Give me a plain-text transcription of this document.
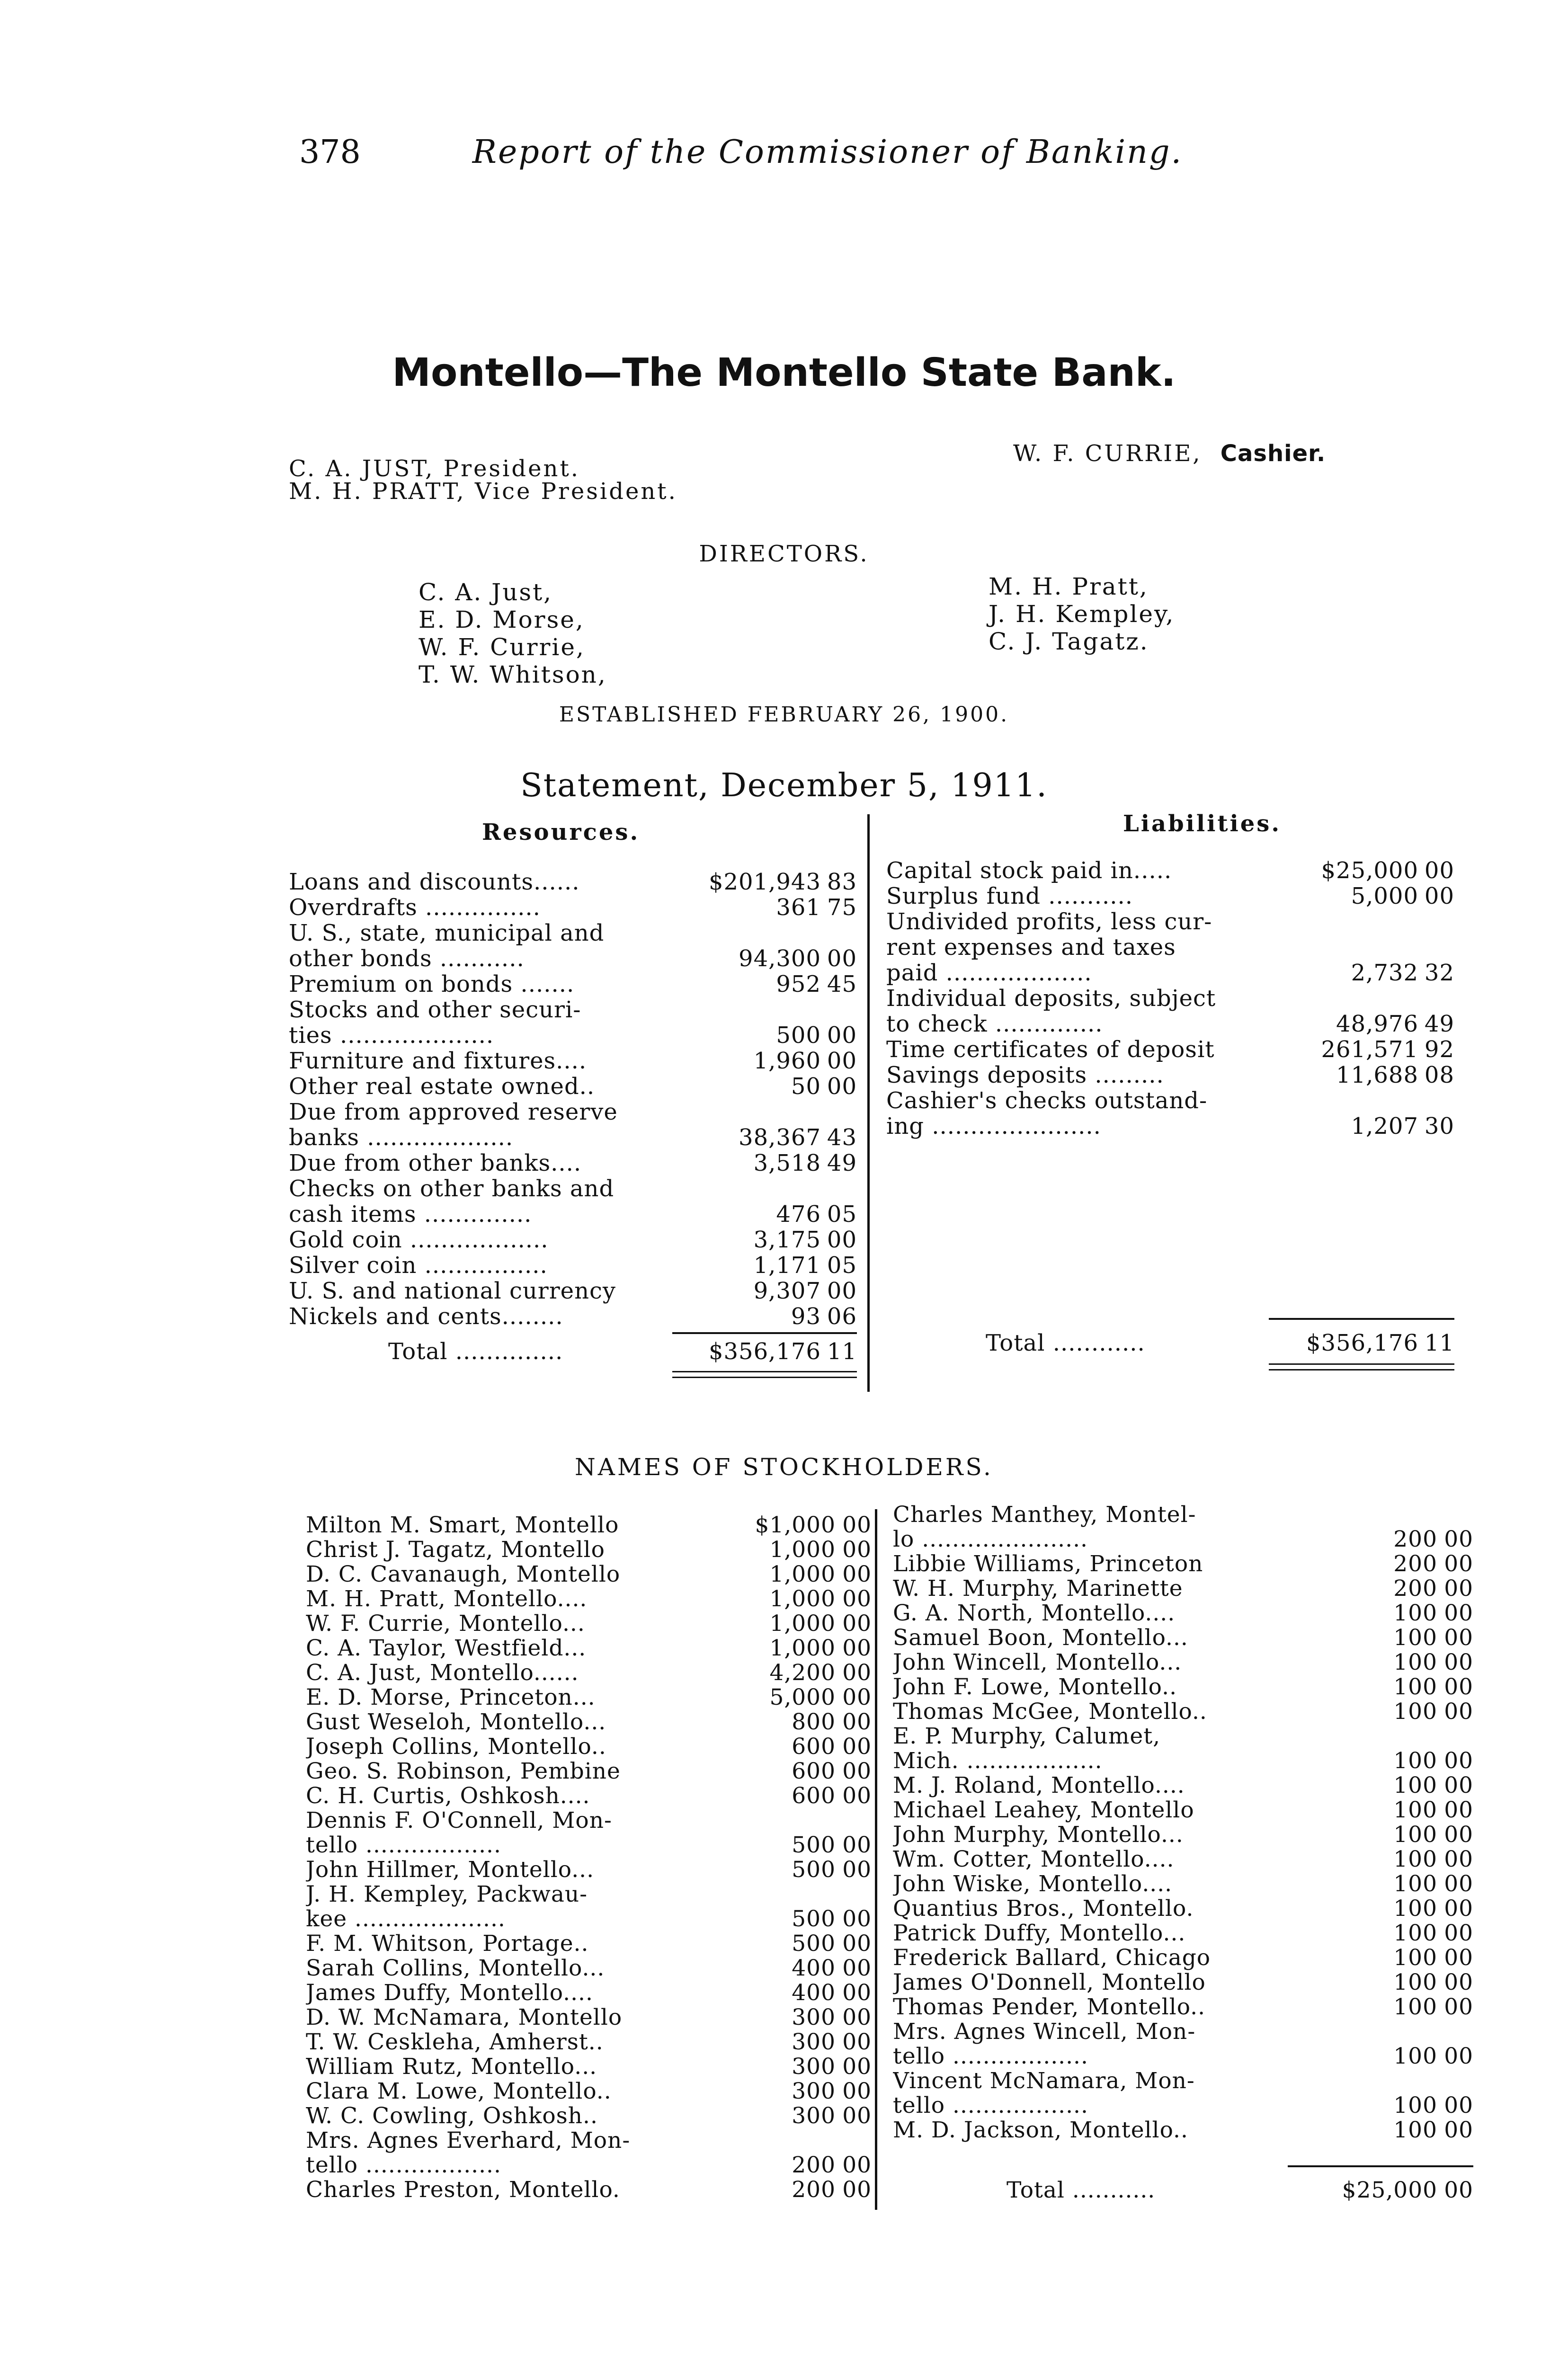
378	Report of the Commissioner of Banking.
Montello—The Montello State Bank.
C. A. JUST, President.
M. H. PRATT, Vice President.
W. F. CURRIE, Cashier.
DIRECTORS.
C. A. Just,
E. D. Morse,
W. F. Currie,
T. W. Whitson,
M. H. Pratt,
J. H. Kempley,
C. J. Tagatz.
ESTABLISHED FEBRUARY 26, 1900.
Statement, December 5, 1911.
Resources.	Liabilities.
Loans and discounts......	$201,943 83
Overdrafts ...............	361 75
U. S., state, municipal and
other bonds ...........	94,300 00
Premium on bonds .......	952 45
Stocks and other securi-
ties ....................	500 00
Furniture and fixtures....	1,960 00
Other real estate owned..	50 00
Due from approved reserve
banks ...................	38,367 43
Due from other banks....	3,518 49
Checks on other banks and
cash items ..............	476 05
Gold coin ..................	3,175 00
Silver coin ................	1,171 05
U. S. and national currency	9,307 00
Nickels and cents........	93 06
Total ..............	$356,176 11
Capital stock paid in.....	$25,000 00
Surplus fund ...........	5,000 00
Undivided profits, less cur-
rent expenses and taxes
paid ...................	2,732 32
Individual deposits, subject
to check ..............	48,976 49
Time certificates of deposit	261,571 92
Savings deposits .........	11,688 08
Cashier's checks outstand-
ing ......................	1,207 30
Total ............	$356,176 11
NAMES OF STOCKHOLDERS.
Milton M. Smart, Montello	$1,000 00
Christ J. Tagatz, Montello	1,000 00
D. C. Cavanaugh, Montello	1,000 00
M. H. Pratt, Montello....	1,000 00
W. F. Currie, Montello...	1,000 00
C. A. Taylor, Westfield...	1,000 00
C. A. Just, Montello......	4,200 00
E. D. Morse, Princeton...	5,000 00
Gust Weseloh, Montello...	800 00
Joseph Collins, Montello..	600 00
Geo. S. Robinson, Pembine	600 00
C. H. Curtis, Oshkosh....	600 00
Dennis F. O'Connell, Mon-
tello ..................	500 00
John Hillmer, Montello...	500 00
J. H. Kempley, Packwau-
kee ....................	500 00
F. M. Whitson, Portage..	500 00
Sarah Collins, Montello...	400 00
James Duffy, Montello....	400 00
D. W. McNamara, Montello	300 00
T. W. Ceskleha, Amherst..	300 00
William Rutz, Montello...	300 00
Clara M. Lowe, Montello..	300 00
W. C. Cowling, Oshkosh..	300 00
Mrs. Agnes Everhard, Mon-
tello ..................	200 00
Charles Preston, Montello.	200 00
Charles Manthey, Montel-
lo ......................	200 00
Libbie Williams, Princeton	200 00
W. H. Murphy, Marinette	200 00
G. A. North, Montello....	100 00
Samuel Boon, Montello...	100 00
John Wincell, Montello...	100 00
John F. Lowe, Montello..	100 00
Thomas McGee, Montello..	100 00
E. P. Murphy, Calumet,
Mich. ..................	100 00
M. J. Roland, Montello....	100 00
Michael Leahey, Montello	100 00
John Murphy, Montello...	100 00
Wm. Cotter, Montello....	100 00
John Wiske, Montello....	100 00
Quantius Bros., Montello.	100 00
Patrick Duffy, Montello...	100 00
Frederick Ballard, Chicago	100 00
James O'Donnell, Montello	100 00
Thomas Pender, Montello..	100 00
Mrs. Agnes Wincell, Mon-
tello ..................	100 00
Vincent McNamara, Mon-
tello ..................	100 00
M. D. Jackson, Montello..	100 00
Total ...........	$25,000 00
